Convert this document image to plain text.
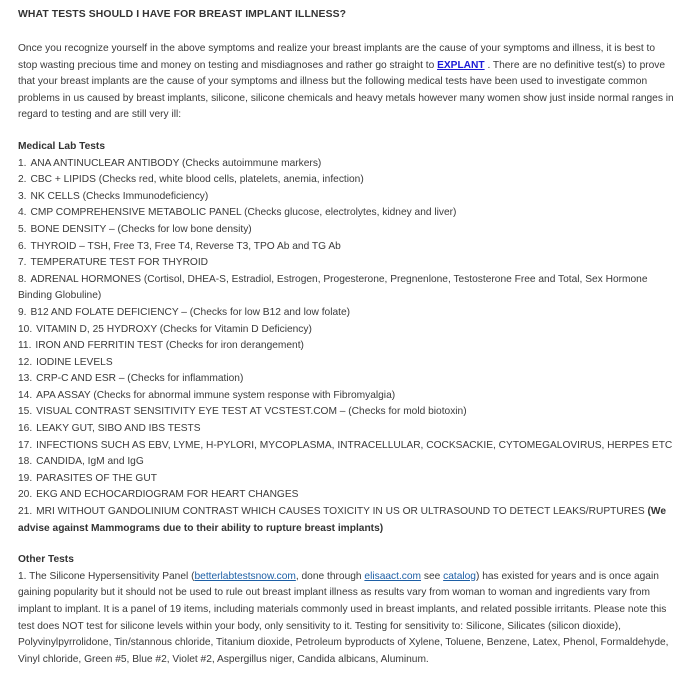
WHAT TESTS SHOULD I HAVE FOR BREAST IMPLANT ILLNESS?

Once you recognize yourself in the above symptoms and realize your breast implants are the cause of your symptoms and illness, it is best to stop wasting precious time and money on testing and misdiagnoses and rather go straight to EXPLANT . There are no definitive test(s) to prove that your breast implants are the cause of your symptoms and illness but the following medical tests have been used to investigate common problems in us caused by breast implants, silicone, silicone chemicals and heavy metals however many women show just inside normal ranges in regard to testing and are still very ill:

Medical Lab Tests
1. ANA ANTINUCLEAR ANTIBODY (Checks autoimmune markers)
2. CBC + LIPIDS (Checks red, white blood cells, platelets, anemia, infection)
3. NK CELLS (Checks Immunodeficiency)
4. CMP COMPREHENSIVE METABOLIC PANEL (Checks glucose, electrolytes, kidney and liver)
5. BONE DENSITY – (Checks for low bone density)
6. THYROID – TSH, Free T3, Free T4, Reverse T3, TPO Ab and TG Ab
7. TEMPERATURE TEST FOR THYROID
8. ADRENAL HORMONES (Cortisol, DHEA-S, Estradiol, Estrogen, Progesterone, Pregnenlone, Testosterone Free and Total, Sex Hormone Binding Globuline)
9. B12 AND FOLATE DEFICIENCY – (Checks for low B12 and low folate)
10. VITAMIN D, 25 HYDROXY (Checks for Vitamin D Deficiency)
11. IRON AND FERRITIN TEST (Checks for iron derangement)
12. IODINE LEVELS
13. CRP-C AND ESR – (Checks for inflammation)
14. APA ASSAY (Checks for abnormal immune system response with Fibromyalgia)
15. VISUAL CONTRAST SENSITIVITY EYE TEST AT VCSTEST.COM – (Checks for mold biotoxin)
16. LEAKY GUT, SIBO AND IBS TESTS
17. INFECTIONS SUCH AS EBV, LYME, H-PYLORI, MYCOPLASMA, INTRACELLULAR, COCKSACKIE, CYTOMEGALOVIRUS, HERPES ETC
18. CANDIDA, IgM and IgG
19. PARASITES OF THE GUT
20. EKG AND ECHOCARDIOGRAM FOR HEART CHANGES
21. MRI WITHOUT GANDOLINIUM CONTRAST WHICH CAUSES TOXICITY IN US OR ULTRASOUND TO DETECT LEAKS/RUPTURES (We advise against Mammograms due to their ability to rupture breast implants)
Other Tests

1. The Silicone Hypersensitivity Panel (betterlabtestsnow.com, done through elisaact.com see catalog) has existed for years and is once again gaining popularity but it should not be used to rule out breast implant illness as results vary from woman to woman and ingredients vary from implant to implant. It is a panel of 19 items, including materials commonly used in breast implants, and related possible irritants. Please note this test does NOT test for silicone levels within your body, only sensitivity to it. Testing for sensitivity to: Silicone, Silicates (silicon dioxide), Polyvinylpyrrolidone, Tin/stannous chloride, Titanium dioxide, Petroleum byproducts of Xylene, Toluene, Benzene, Latex, Phenol, Formaldehyde, Vinyl chloride, Green #5, Blue #2, Violet #2, Aspergillus niger, Candida albicans, Aluminum.
